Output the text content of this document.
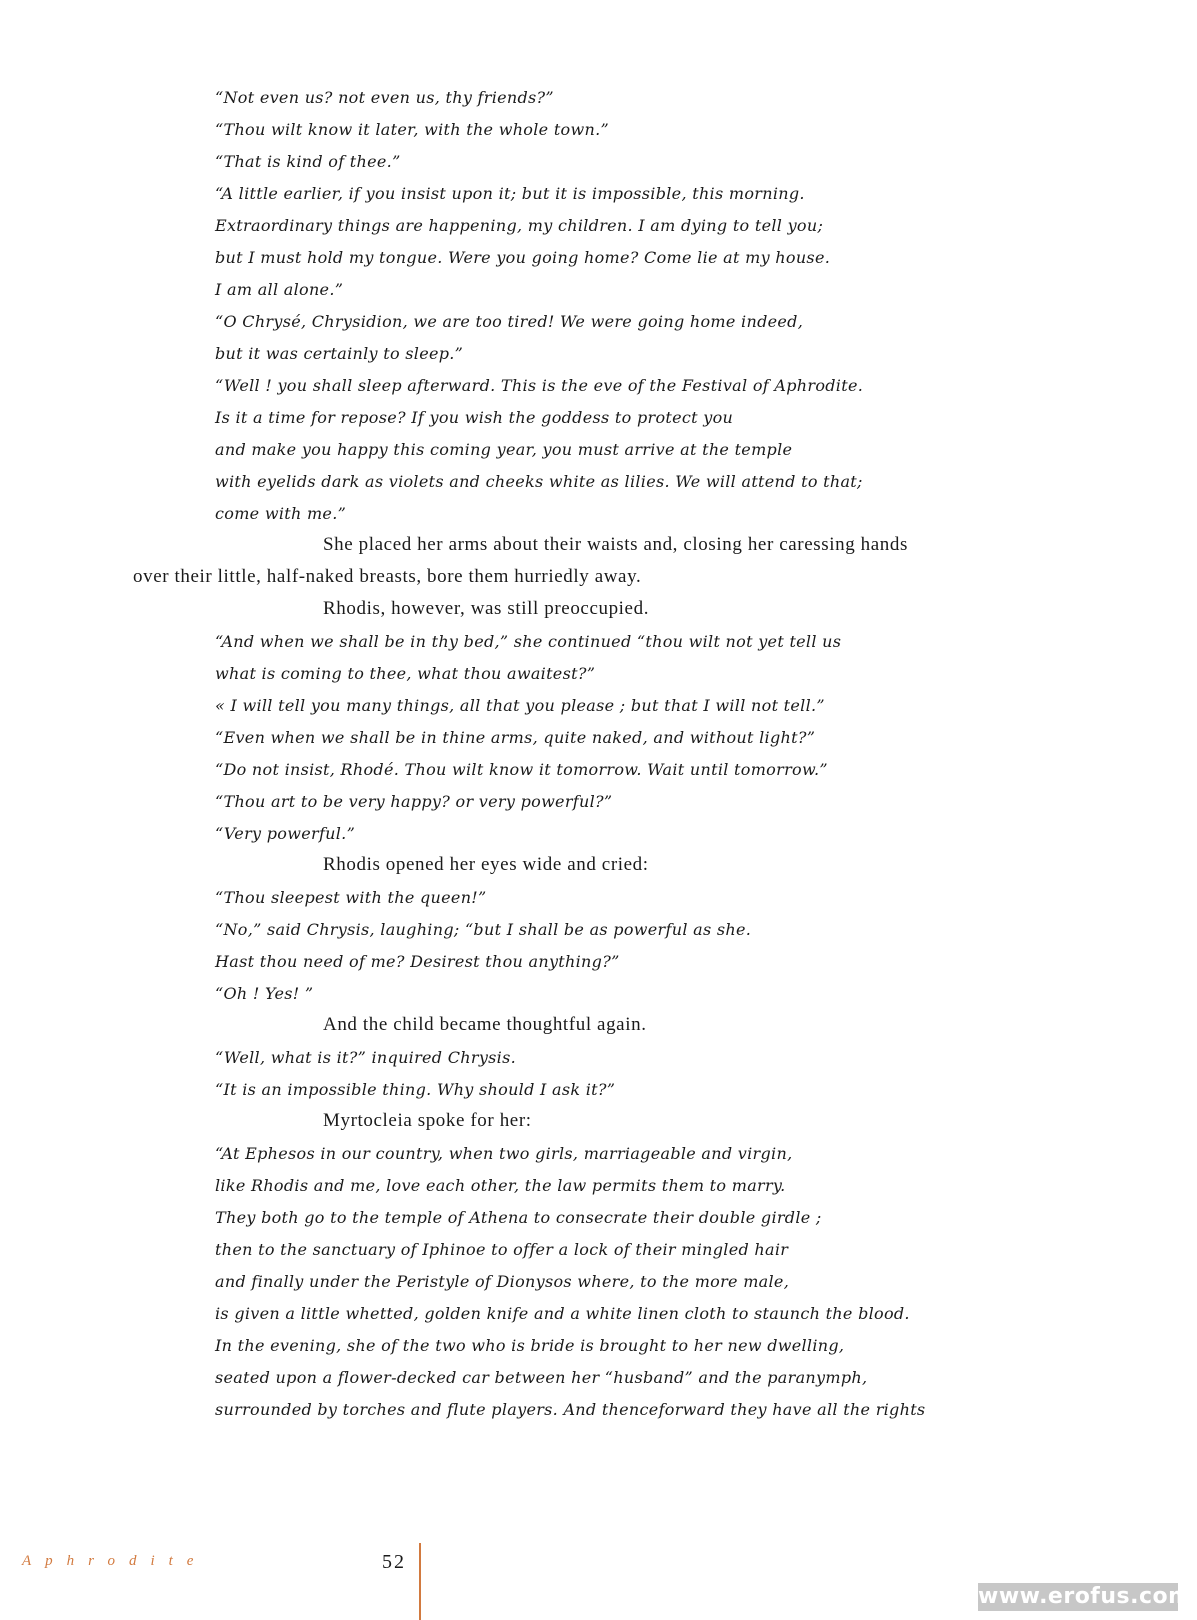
“Not even us? not even us, thy friends?”
“Thou wilt know it later, with the whole town.”
“That is kind of thee.”
“A little earlier, if you insist upon it; but it is impossible, this morning.
Extraordinary things are happening, my children. I am dying to tell you;
but I must hold my tongue. Were you going home? Come lie at my house.
I am all alone.”
“O Chrysé, Chrysidion, we are too tired! We were going home indeed,
but it was certainly to sleep.”
“Well ! you shall sleep afterward. This is the eve of the Festival of Aphrodite.
Is it a time for repose? If you wish the goddess to protect you
and make you happy this coming year, you must arrive at the temple
with eyelids dark as violets and cheeks white as lilies. We will attend to that;
come with me.”
She placed her arms about their waists and, closing her caressing hands
over their little, half-naked breasts, bore them hurriedly away.
Rhodis, however, was still preoccupied.
“And when we shall be in thy bed,” she continued “thou wilt not yet tell us
what is coming to thee, what thou awaitest?”
« I will tell you many things, all that you please ; but that I will not tell.”
“Even when we shall be in thine arms, quite naked, and without light?”
“Do not insist, Rhodé. Thou wilt know it tomorrow. Wait until tomorrow.”
“Thou art to be very happy? or very powerful?”
“Very powerful.”
Rhodis opened her eyes wide and cried:
“Thou sleepest with the queen!”
“No,” said Chrysis, laughing; “but I shall be as powerful as she.
Hast thou need of me? Desirest thou anything?”
“Oh ! Yes! ”
And the child became thoughtful again.
“Well, what is it?” inquired Chrysis.
“It is an impossible thing. Why should I ask it?”
Myrtocleia spoke for her:
“At Ephesos in our country, when two girls, marriageable and virgin,
like Rhodis and me, love each other, the law permits them to marry.
They both go to the temple of Athena to consecrate their double girdle ;
then to the sanctuary of Iphinoe to offer a lock of their mingled hair
and finally under the Peristyle of Dionysos where, to the more male,
is given a little whetted, golden knife and a white linen cloth to staunch the blood.
In the evening, she of the two who is bride is brought to her new dwelling,
seated upon a flower-decked car between her “husband” and the paranymph,
surrounded by torches and flute players. And thenceforward they have all the rights
Aphrodite	52
www.erofus.com
